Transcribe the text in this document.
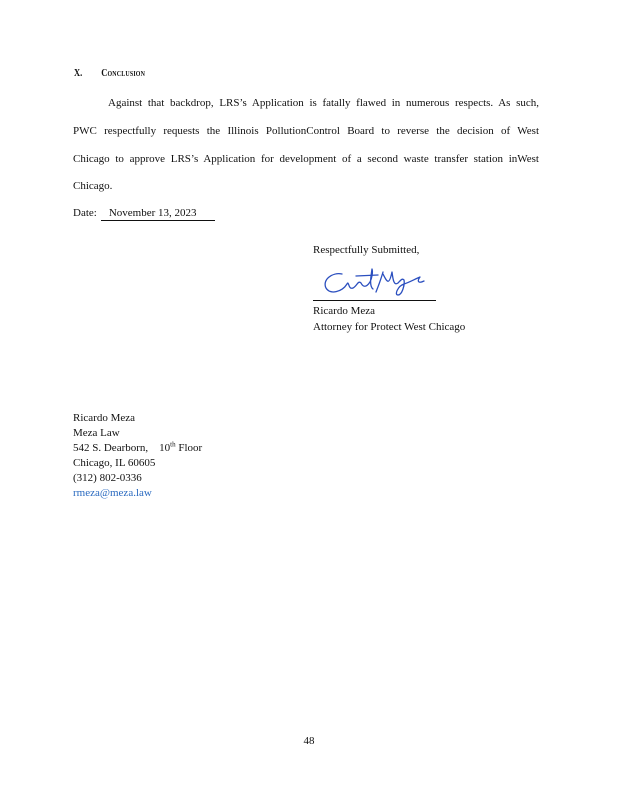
X. Conclusion
Against that backdrop, LRS’s Application is fatally flawed in numerous respects. As such,
PWC respectfully requests the Illinois PollutionControl Board to reverse the decision of West
Chicago to approve LRS’s Application for development of a second waste transfer station inWest
Chicago.
Date: November 13, 2023
Respectfully Submitted,
Ricardo Meza
Attorney for Protect West Chicago
Ricardo Meza
Meza Law
542 S. Dearborn, 10th Floor
Chicago, IL 60605
(312) 802-0336
rmeza@meza.law
48
